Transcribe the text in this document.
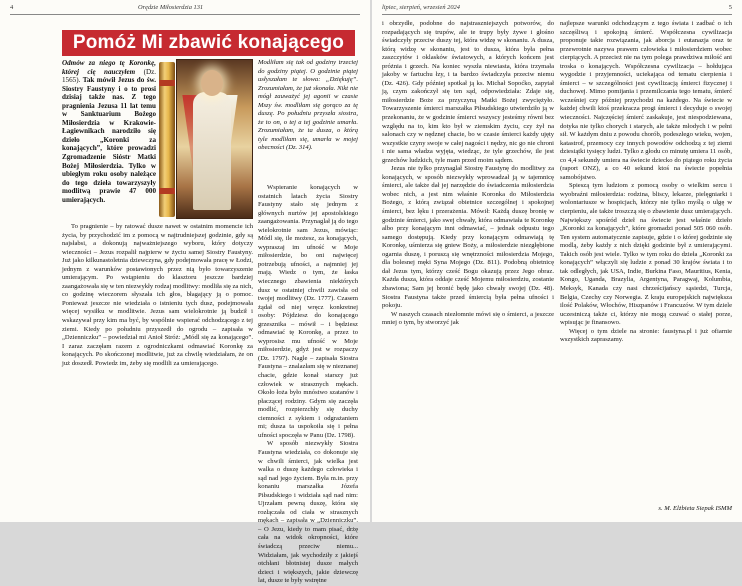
4	Orędzie Miłosierdzia 131
Pomóż Mi zbawić konającego

Odmów za niego tę Koronkę, której cię nauczyłem (Dz. 1565). Tak mówił Jezus do św. Siostry Faustyny i o to prosi dzisiaj także nas. Z tego pragnienia Jezusa 11 lat temu w Sanktuarium Bożego Miłosierdzia w Krakowie-Łagiewnikach narodziło się dzieło „Koronki za konających”, które prowadzi Zgromadzenie Sióstr Matki Bożej Miłosierdzia. Tylko w ubiegłym roku osoby należące do tego dzieła towarzyszyły modlitwą prawie 47 000 umierających.

To pragnienie – by ratować dusze nawet w ostatnim momencie ich życia, by przychodzić im z pomocą w najtrudniejszej godzinie, gdy są najsłabsi, a dokonują najważniejszego wyboru, który dotyczy wieczności – Jezus rozpalił najpierw w życiu samej Siostry Faustyny. Już jako kilkunastoletnia dziewczyna, gdy podejmowała pracę w Łodzi, jednym z warunków postawionych przez nią było towarzyszenie umierającym. Po wstąpieniu do klasztoru jeszcze bardziej zaangażowała się w ten niezwykły rodzaj modlitwy: modliła się za nich, co godzinę wieczorem słyszała ich głos, błagający ją o pomoc. Ponieważ jeszcze nie wiedziała o istnieniu tych dusz, podejmowała więcej wysiłku w modlitwie. Jezus sam wielokrotnie ją budził i wskazywał przy kim ma być, by wspólnie wspierać odchodzącego z tej ziemi. Kiedy po południu przyszedł do ogrodu – zapisała w „Dzienniczku” – powiedział mi Anioł Stróż: „Módl się za konającego”. I zaraz zaczęłam razem z ogrodniczkami odmawiać Koronkę za konających. Po skończonej modlitwie, już za chwilę wiedziałam, że on już doszedł. Powiedz im, żeby się modlili za umierającego.

Modliłam się tak od godziny trzeciej do godziny piątej. O godzinie piątej usłyszałam te słowa: „Dziękuję”. Zrozumiałam, że już skonała. Nikt nie mógł zauważyć jej agonii w czasie Mszy św. modliłam się gorąco za tę duszę. Po południu przyszła siostra, że to on, o tej a tej godzinie umarła. Zrozumiałam, że ta dusza, o którą tyle modliłam się, umarła w mojej obecności (Dz. 314).

Wspieranie konających w ostatnich latach życia Siostry Faustyny stało się jednym z głównych nurtów jej apostolskiego zaangażowania. Przynaglał ją do tego wielokrotnie sam Jezus, mówiąc: Módl się, ile możesz, za konających, wypraszaj im ufność w Moje miłosierdzie, bo oni najwięcej potrzebują ufności, a najmniej jej mają. Wiedz o tym, że łaska wiecznego zbawienia niektórych dusz w ostatniej chwili zawisła od twojej modlitwy (Dz. 1777). Czasem żądał od niej wręcz konkretnej osoby: Pójdziesz do konającego grzesznika – mówił – i będziesz odmawiać tę Koronkę, a przez to wyprosisz mu ufność w Moje miłosierdzie, gdyż jest w rozpaczy (Dz. 1797). Nagle – zapisała Siostra Faustyna – znalazłam się w nieznanej chacie, gdzie konał starszy już człowiek w strasznych mękach. Około łoża było mnóstwo szatanów i płaczącej rodziny. Gdym się zaczęła modlić, rozpierzchły się duchy ciemności z sykiem i odgrażaniem mi; dusza ta uspokoiła się i pełna ufności spoczęła w Panu (Dz. 1798).

W sposób niezwykły Siostra Faustyna wiedziała, co dokonuje się w chwili śmierci, jak wielka jest walka o duszę każdego człowieka i sąd nad jego życiem. Była m.in. przy konaniu marszałka Józefa Piłsudskiego i widziała sąd nad nim: Ujrzałam pewną duszę, która się rozłączała od ciała w strasznych mękach – zapisała w „Dzienniczku”. – O Jezu, kiedy to mam pisać, drżę cała na widok okropności, które świadczą przeciw niemu... Widziałam, jak wychodziły z jakiejś otchłani błotnistej dusze małych dzieci i większych, jakie dziewczę lat, dusze te były wstrętne

lipiec, sierpień, wrzesień 2024	5

i obrzydłe, podobne do najstraszniejszych potworów, do rozpadających się trupów, ale te trupy były żywe i głośno świadczyły przeciw duszy tej, która widzę w skonaniu. A dusza, którą widzę w skonaniu, jest to dusza, która była pełna zaszczytów i oklasków światowych, a których końcem jest próżnia i grzech. Na koniec wyszła niewiasta, która trzymała jakoby w fartuchu łzy, i ta bardzo świadczyła przeciw niemu (Dz. 426). Gdy później spotkał ją ks. Michał Sopoćko, zapytał ją, czym zakończył się ten sąd, odpowiedziała: Zdaje się, miłosierdzie Boże za przyczyną Matki Bożej zwyciężyło. Towarzyszenie śmierci marszałka Piłsudskiego utwierdziło ją w przekonaniu, że w godzinie śmierci wszyscy jesteśmy równi bez względu na to, kim kto był w ziemskim życiu, czy żył na salonach czy w nędznej chacie, bo w czasie śmierci każdy ujęty wszystkie czyny swoje w całej nagości i nędzy, nic go nie chroni i nie sama władza wyjęta, wiedząc, że tyle grzechów, ile jest grzechów ludzkich, tyle mam przed moim sądem.

Jezus nie tylko przynaglał Siostrę Faustynę do modlitwy za konających, w sposób niezwykły wprowadzał ją w tajemnicę śmierci, ale także dał jej narzędzie do świadczenia miłosierdzia wobec nich, a jest nim właśnie Koronka do Miłosierdzia Bożego, z którą związał obietnice szczególnej i spokojnej śmierci, bez lęku i przerażenia. Mówił: Każdą duszę bronię w godzinie śmierci, jako swej chwały, która odmawiała te Koronkę albo przy konającym inni odmawiać, – jednak odpustu tego samego dostępują. Kiedy przy konającym odmawiają tę Koronkę, uśmierza się gniew Boży, a miłosierdzie niezgłębione ogarnia duszę, i poruszą się wnętrzności miłosierdzia Mojego, dla bolesnej męki Syna Mojego (Dz. 811). Podobną obietnicę dał Jezus tym, którzy cześć Bogu okazują przez Jego obraz. Każda dusza, która oddaje cześć Mojemu miłosierdziu, zostanie zbawiona; Sam jej bronić będę jako chwały swojej (Dz. 48). Siostra Faustyna także przed śmiercią była pełna ufności i pokoju.

W naszych czasach niezłomnie mówi się o śmierci, a jeszcze mniej o tym, by stworzyć jak

najlepsze warunki odchodzącym z tego świata i zadbać o ich szczęśliwą i spokojną śmierć. Współczesna cywilizacja proponuje takie rozwiązania, jak aborcja i eutanazja oraz te przewrotnie nazywa prawem człowieka i miłosierdziem wobec cierpiących. A przecież nie na tym polega prawdziwa miłość ani troska o konających. Współczesna cywilizacja – hołdująca wygodzie i przyjemności, uciekająca od tematu cierpienia i śmierci – w szczególności jest cywilizacją śmierci fizycznej i duchowej. Mimo pomijania i przemilczania tego tematu, śmierć wcześniej czy później przychodzi na każdego. Na świecie w każdej chwili ktoś przekracza progi śmierci i decyduje o swojej wieczności. Najczęściej śmierć zaskakuje, jest niespodziewana, dotyka nie tylko chorych i starych, ale także młodych i w pełni sił. W każdym dniu z powodu chorób, podeszłego wieku, wojen, katastrof, przemocy czy innych powodów odchodzą z tej ziemi dziesiątki tysięcy ludzi. Tylko z głodu co minutę umiera 11 osób, co 4,4 sekundy umiera na świecie dziecko do piątego roku życia (raport ONZ), a co 40 sekund ktoś na świecie popełnia samobójstwo.

Spieszą tym ludziom z pomocą osoby o wielkim sercu i wyobraźni miłosierdzia: rodzina, bliscy, lekarze, pielęgniarki i wolontariusze w hospicjach, którzy nie tylko myślą o ulgę w cierpieniu, ale także troszczą się o zbawienie dusz umierających. Największy spośród dzieł na świecie jest właśnie dzieło „Koronki za konających”, które gromadzi ponad 505 060 osób. Ten system automatycznie zapisuje, gdzie i o której godzinie się modlą, żeby każdy z nich dzięki godzinie był z umierającymi. Takich osób jest wiele. Tylko w tym roku do dzieła „Koronki za konających” włączyli się ludzie z ponad 30 krajów świata i to tak odległych, jak USA, Indie, Burkina Faso, Mauritius, Kenia, Kongo, Uganda, Brazylia, Argentyna, Paragwaj, Kolumbia, Meksyk, Kanada czy nasi chrześcijańscy sąsiedzi, Turcja, Belgia, Czechy czy Norwegia. Z kraju europejskich największa ilość Polaków, Włochów, Hiszpanów i Francuzów. W tym dziele uczestniczą także ci, którzy nie mogą czuwać o stałej porze, wpisując je finansowo.

Więcej o tym dziele na stronie: faustyna.pl i już ofiarnie wszystkich zapraszamy.

s. M. Elżbieta Siepak ISMM
